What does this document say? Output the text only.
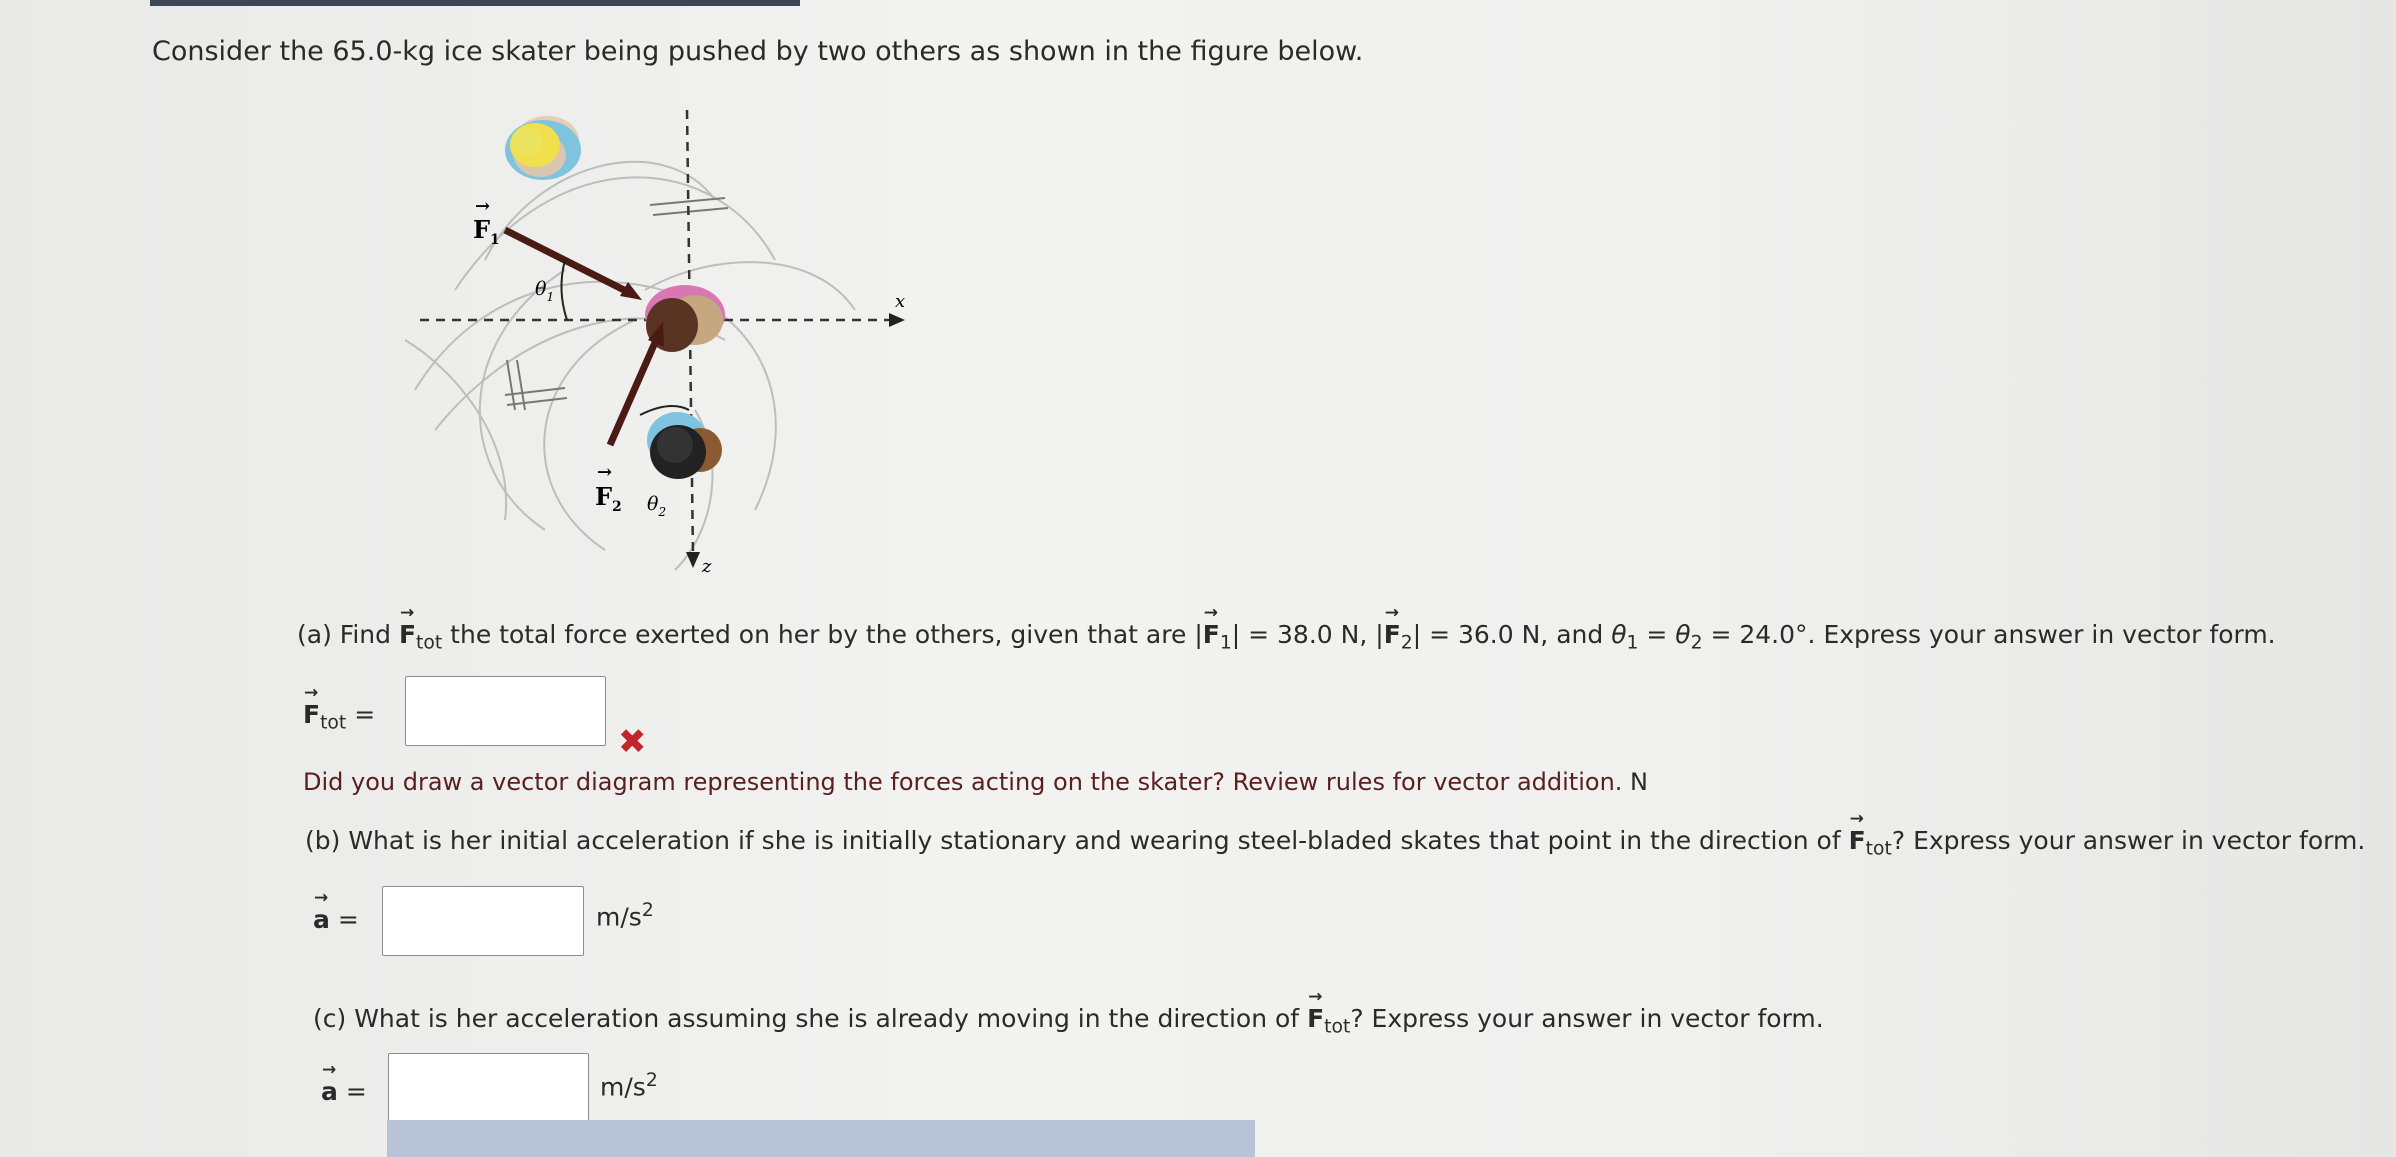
Consider the 65.0-kg ice skater being pushed by two others as shown in the figure below.
$F_1$
→
$\theta_1$
$F_2$
→
$\theta_2$
x
z
(a) Find → $F_{tot}$ the total force exerted on her by the others, given that are |→ $F_1| = 38.0$ N, |→ $F_2| = 36.0$ N, and $\theta_1 = \theta_2 = 24.0^\circ$. Express your answer in vector form.
→ $F_{tot}$ =
✖
Did you draw a vector diagram representing the forces acting on the skater? Review rules for vector addition. N
(b) What is her initial acceleration if she is initially stationary and wearing steel-bladed skates that point in the direction of → $F_{tot}$? Express your answer in vector form.
→ a =	$m/s^2$
(c) What is her acceleration assuming she is already moving in the direction of → $F_{tot}$? Express your answer in vector form.
→ a =	$m/s^2$
